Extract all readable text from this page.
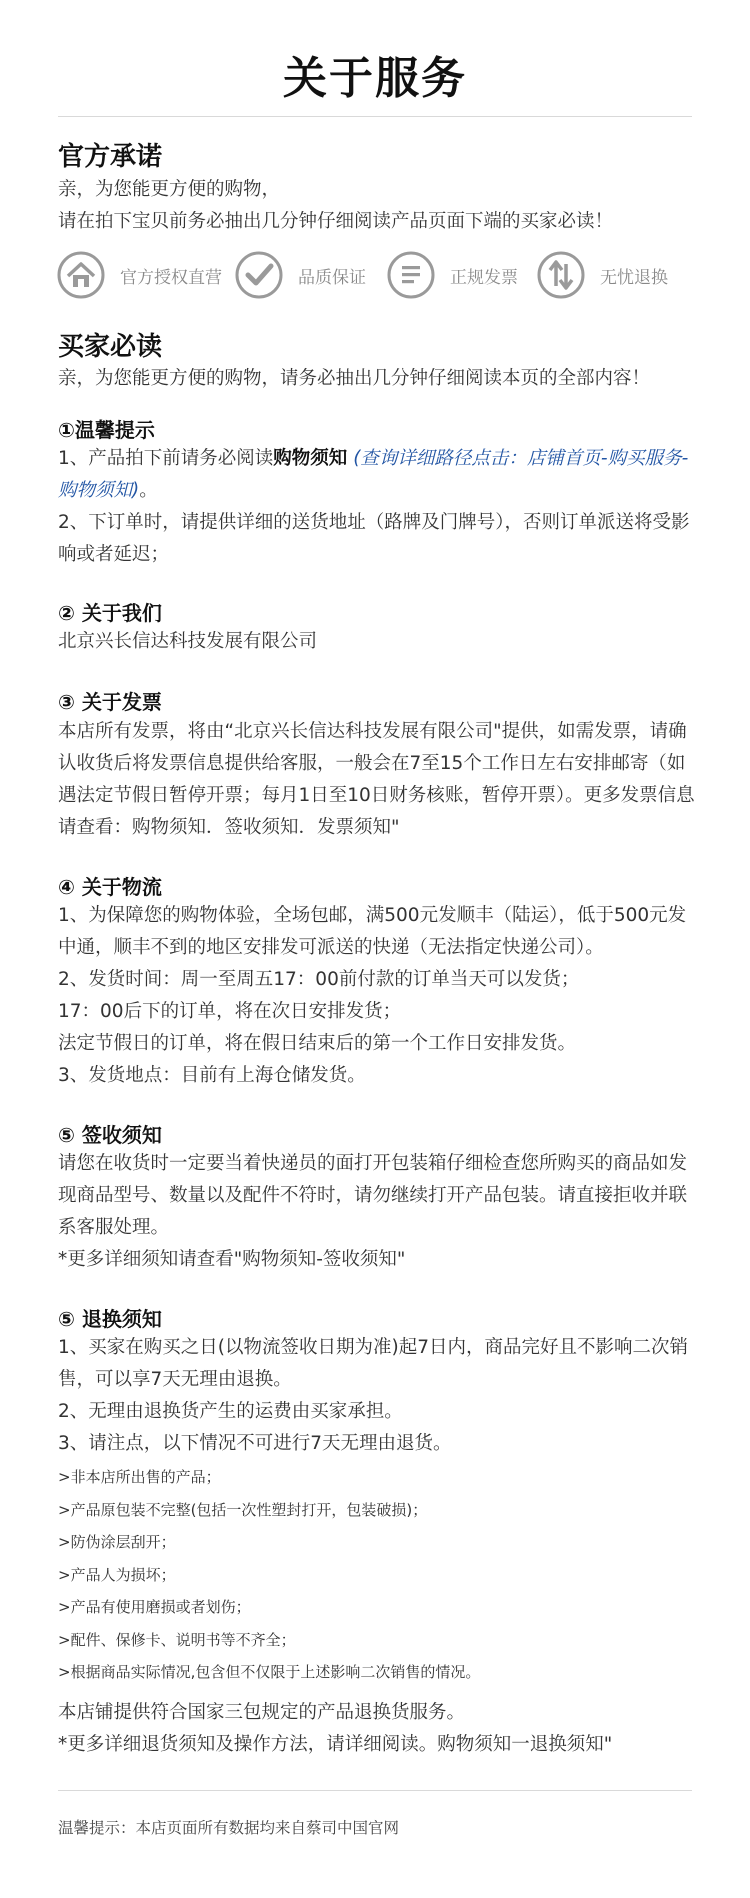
关于服务
官方承诺
亲，为您能更方便的购物，
请在拍下宝贝前务必抽出几分钟仔细阅读产品页面下端的买家必读！
官方授权直营	品质保证	正规发票	无忧退换
买家必读
亲，为您能更方便的购物，请务必抽出几分钟仔细阅读本页的全部内容！
①温馨提示
1、产品拍下前请务必阅读购物须知 (查询详细路径点击：店铺首页-购买服务-购物须知)。
2、下订单时，请提供详细的送货地址（路牌及门牌号），否则订单派送将受影响或者延迟；
② 关于我们
北京兴长信达科技发展有限公司
③ 关于发票
本店所有发票，将由“北京兴长信达科技发展有限公司"提供，如需发票，请确认收货后将发票信息提供给客服，一般会在7至15个工作日左右安排邮寄（如遇法定节假日暂停开票；每月1日至10日财务核账，暂停开票）。更多发票信息请查看：购物须知．签收须知．发票须知"
④ 关于物流
1、为保障您的购物体验，全场包邮，满500元发顺丰（陆运），低于500元发中通，顺丰不到的地区安排发可派送的快递（无法指定快递公司）。
2、发货时间：周一至周五17：00前付款的订单当天可以发货；
17：00后下的订单，将在次日安排发货；
法定节假日的订单，将在假日结束后的第一个工作日安排发货。
3、发货地点：目前有上海仓储发货。
⑤ 签收须知
请您在收货时一定要当着快递员的面打开包装箱仔细检查您所购买的商品如发现商品型号、数量以及配件不符时，请勿继续打开产品包装。请直接拒收并联系客服处理。
*更多详细须知请查看"购物须知-签收须知"
⑤ 退换须知
1、买家在购买之日(以物流签收日期为准)起7日内，商品完好且不影响二次销售，可以享7天无理由退换。
2、无理由退换货产生的运费由买家承担。
3、请注点，以下情况不可进行7天无理由退货。
>非本店所出售的产品；
>产品原包装不完整(包括一次性塑封打开，包装破损)；
>防伪涂层刮开；
>产品人为损坏；
>产品有使用磨损或者划伤；
>配件、保修卡、说明书等不齐全；
>根据商品实际情况,包含但不仅限于上述影响二次销售的情况。
本店铺提供符合国家三包规定的产品退换货服务。
*更多详细退货须知及操作方法，请详细阅读。购物须知一退换须知"
温馨提示：本店页面所有数据均来自蔡司中国官网
